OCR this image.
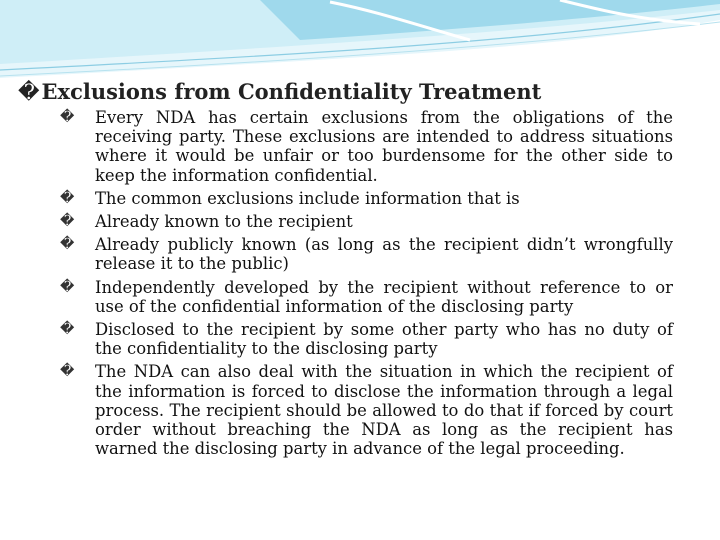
�Exclusions from Confidentiality Treatment
� Every NDA has certain exclusions from the obligations of the receiving party. These exclusions are intended to address situations where it would be unfair or too burdensome for the other side to keep the information confidential.
� The common exclusions include information that is
� Already known to the recipient
� Already publicly known (as long as the recipient didn’t wrongfully release it to the public)
� Independently developed by the recipient without reference to or use of the confidential information of the disclosing party
� Disclosed to the recipient by some other party who has no duty of the confidentiality to the disclosing party
� The NDA can also deal with the situation in which the recipient of the information is forced to disclose the information through a legal process. The recipient should be allowed to do that if forced by court order without breaching the NDA as long as the recipient has warned the disclosing party in advance of the legal proceeding.
